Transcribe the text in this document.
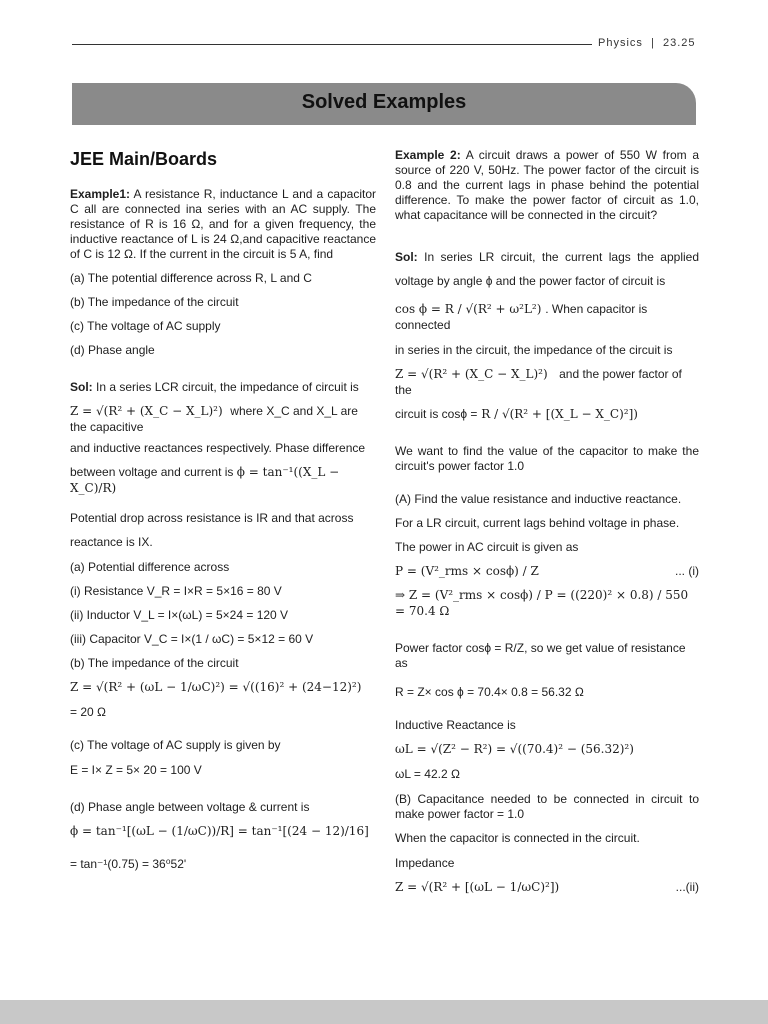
Physics | 23.25
Solved Examples
JEE Main/Boards

Example1: A resistance R, inductance L and a capacitor C all are connected ina series with an AC supply. The resistance of R is 16 Ω, and for a given frequency, the inductive reactance of L is 24 Ω,and capacitive reactance of C is 12 Ω. If the current in the circuit is 5 A, find

(a) The potential difference across R, L and C

(b) The impedance of the circuit

(c) The voltage of AC supply

(d) Phase angle

Sol: In a series LCR circuit, the impedance of circuit is

Z = √(R² + (X_C − X_L)²) where X_C and X_L are the capacitive

and inductive reactances respectively. Phase difference

between voltage and current is ϕ = tan⁻¹((X_L − X_C)/R)

Potential drop across resistance is IR and that across
reactance is IX.

(a) Potential difference across

(i) Resistance V_R = I×R = 5×16 = 80 V

(ii) Inductor V_L = I×(ωL) = 5×24 = 120 V

(iii) Capacitor V_C = I×(1 / ωC) = 5×12 = 60 V

(b) The impedance of the circuit

Z = √(R² + (ωL − 1/ωC)²) = √((16)² + (24−12)²)

= 20 Ω

(c) The voltage of AC supply is given by

E = I× Z = 5× 20 = 100 V

(d) Phase angle between voltage & current is

ϕ = tan⁻¹[(ωL − (1/ωC))/R] = tan⁻¹[(24 − 12)/16]

= tan⁻¹(0.75) = 36⁰52'

Example 2: A circuit draws a power of 550 W from a source of 220 V, 50Hz. The power factor of the circuit is 0.8 and the current lags in phase behind the potential difference. To make the power factor of circuit as 1.0, what capacitance will be connected in the circuit?

Sol: In series LR circuit, the current lags the applied voltage by angle ϕ and the power factor of circuit is

cos ϕ = R / √(R² + ω²L²) . When capacitor is connected

in series in the circuit, the impedance of the circuit is

Z = √(R² + (X_C − X_L)²) and the power factor of the
circuit is cosϕ = R / √(R² + [(X_L − X_C)²])

We want to find the value of the capacitor to make the circuit's power factor 1.0

(A) Find the value resistance and inductive reactance.

For a LR circuit, current lags behind voltage in phase.

The power in AC circuit is given as

P = (V²_rms × cosϕ) / Z	... (i)
⇒ Z = (V²_rms × cosϕ) / P = ((220)² × 0.8) / 550 = 70.4 Ω

Power factor cosϕ = R/Z, so we get value of resistance as

R = Z× cos ϕ = 70.4× 0.8 = 56.32 Ω

Inductive Reactance is

ωL = √(Z² − R²) = √((70.4)² − (56.32)²)

ωL = 42.2 Ω

(B) Capacitance needed to be connected in circuit to make power factor = 1.0

When the capacitor is connected in the circuit.

Impedance

Z = √(R² + [(ωL − 1/ωC)²])	...(ii)
